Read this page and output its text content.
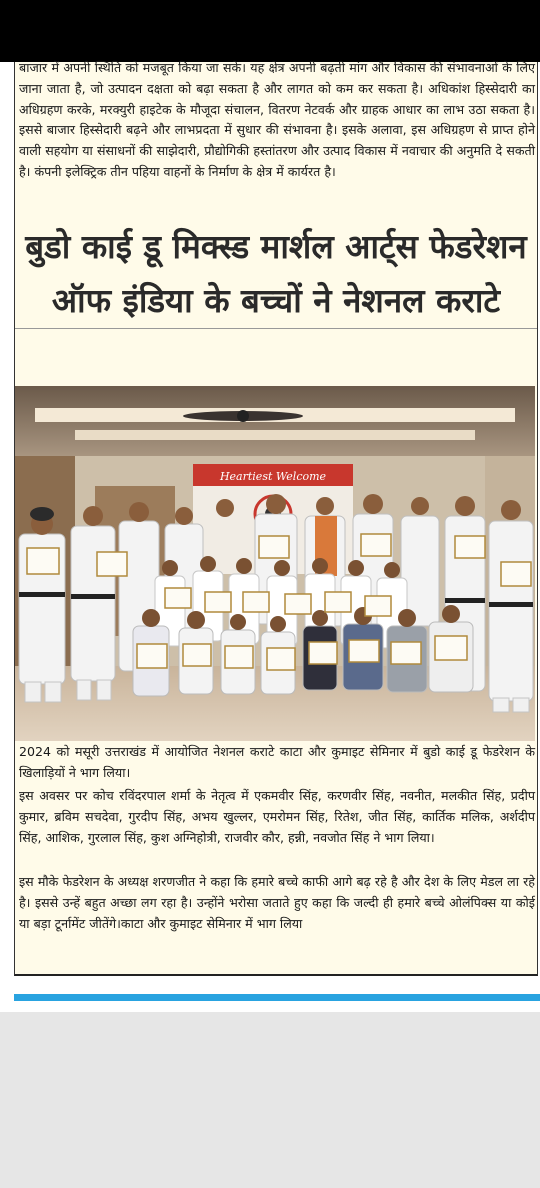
बाजार में अपनी स्थिति को मजबूत किया जा सके। यह क्षेत्र अपनी बढ़ती मांग और विकास की संभावनाओं के लिए जाना जाता है, जो उत्पादन दक्षता को बढ़ा सकता है और लागत को कम कर सकता है। अधिकांश हिस्सेदारी का अधिग्रहण करके, मरक्युरी हाइटेक के मौजूदा संचालन, वितरण नेटवर्क और ग्राहक आधार का लाभ उठा सकता है। इससे बाजार हिस्सेदारी बढ़ने और लाभप्रदता में सुधार की संभावना है। इसके अलावा, इस अधिग्रहण से प्राप्त होने वाली सहयोग या संसाधनों की साझेदारी, प्रौद्योगिकी हस्तांतरण और उत्पाद विकास में नवाचार की अनुमति दे सकती है। कंपनी इलेक्ट्रिक तीन पहिया वाहनों के निर्माण के क्षेत्र में कार्यरत है।

बुडो काई डू मिक्स्ड मार्शल आर्ट्स फेडरेशन ऑफ इंडिया के बच्चों ने नेशनल कराटे
Heartiest Welcome

2024 को मसूरी उत्तराखंड में आयोजित नेशनल कराटे काटा और कुमाइट सेमिनार में बुडो काई डू फेडरेशन के खिलाड़ियों ने भाग लिया।

इस अवसर पर कोच रविंदरपाल शर्मा के नेतृत्व में एकमवीर सिंह, करणवीर सिंह, नवनीत, मलकीत सिंह, प्रदीप कुमार, ब्रविम सचदेवा, गुरदीप सिंह, अभय खुल्लर, एमरोमन सिंह, रितेश, जीत सिंह, कार्तिक मलिक, अर्शदीप सिंह, आशिक, गुरलाल सिंह, कुश अग्निहोत्री, राजवीर कौर, हन्नी, नवजोत सिंह ने भाग लिया।

इस मौके फेडरेशन के अध्यक्ष शरणजीत ने कहा कि हमारे बच्चे काफी आगे बढ़ रहे है और देश के लिए मेडल ला रहे है। इससे उन्हें बहुत अच्छा लग रहा है। उन्होंने भरोसा जताते हुए कहा कि जल्दी ही हमारे बच्चे ओलंपिक्स या कोई या बड़ा टूर्नामेंट जीतेंगे।काटा और कुमाइट सेमिनार में भाग लिया
